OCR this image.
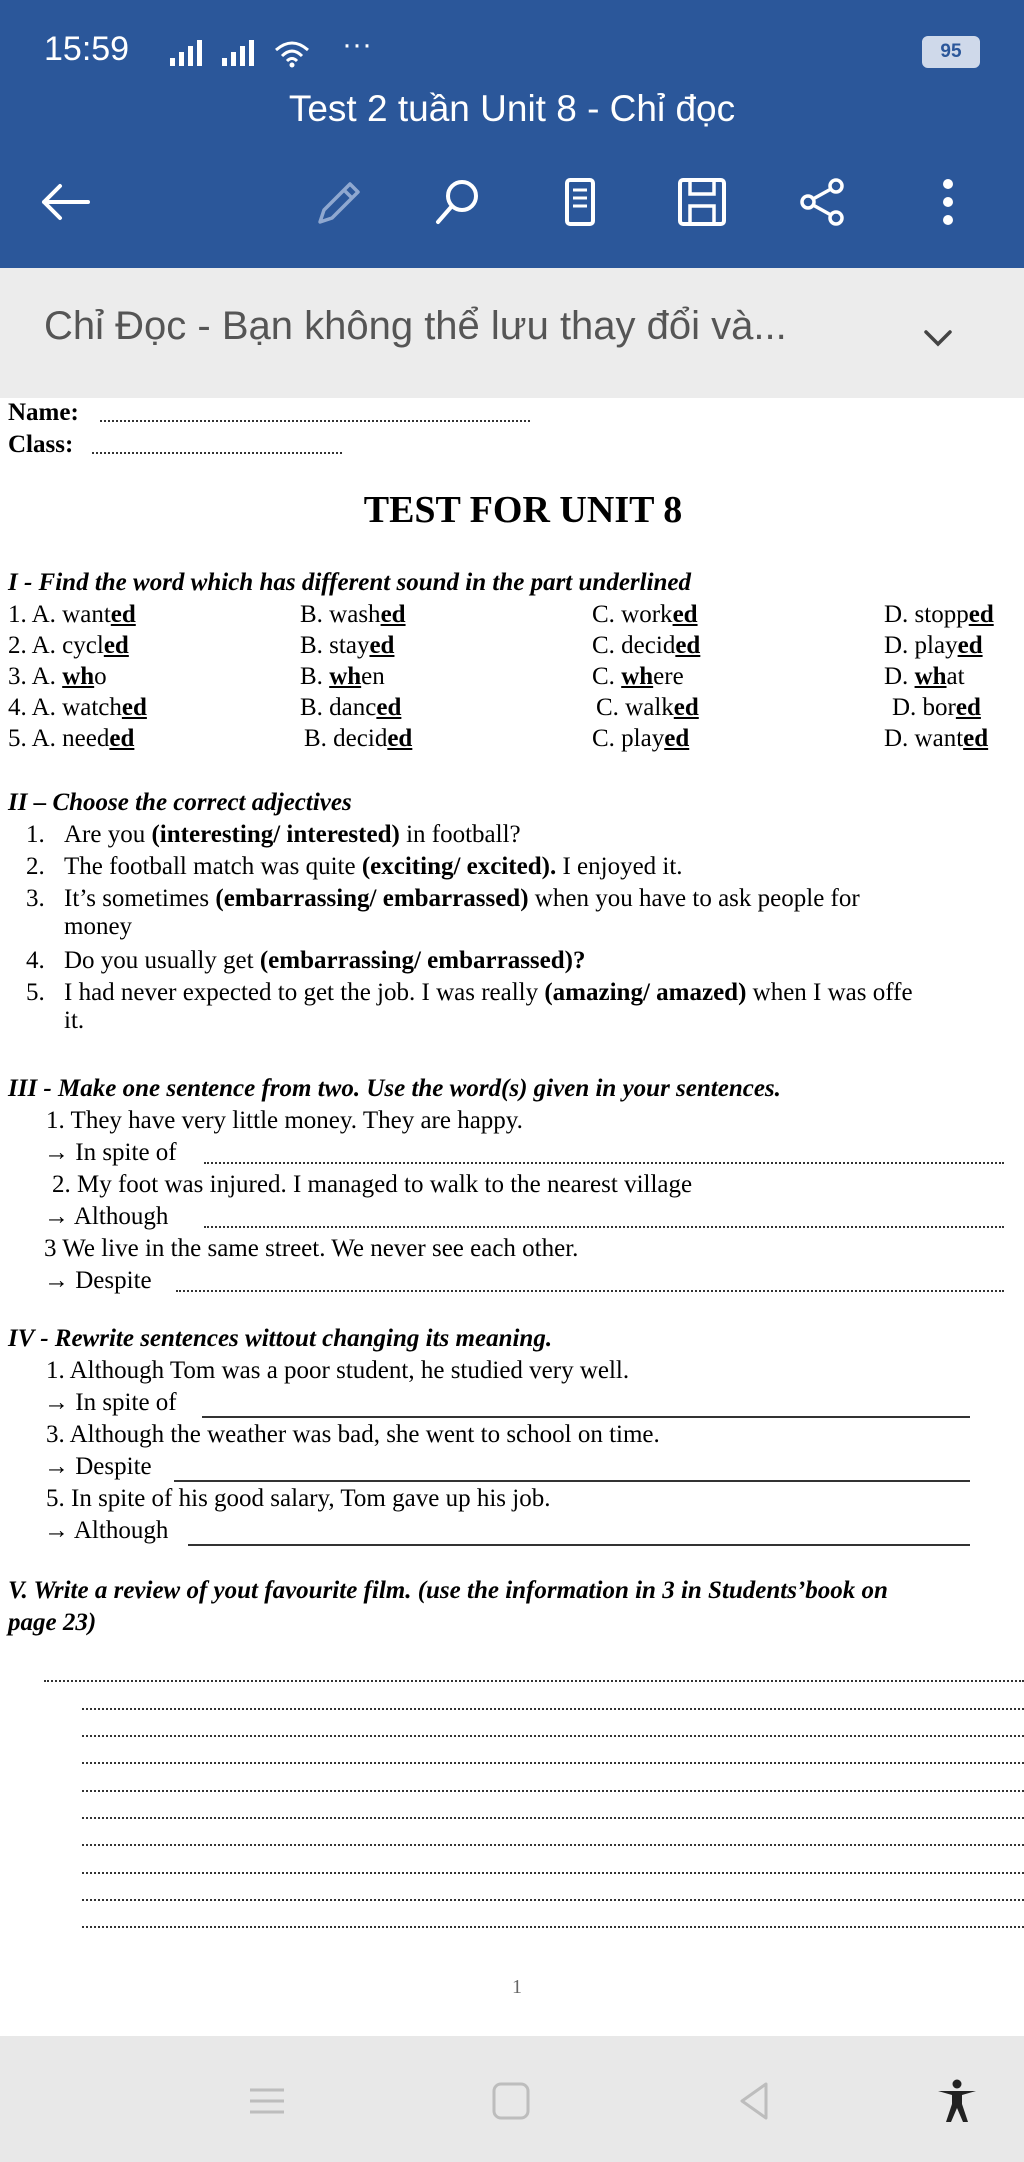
15:59	···	95
Test 2 tuần Unit 8 - Chỉ đọc
Chỉ Đọc - Bạn không thể lưu thay đổi và...
Name:
Class:
TEST FOR UNIT 8
I - Find the word which has different sound in the part underlined
II – Choose the correct adjectives
III - Make one sentence from two. Use the word(s) given in your sentences.
1. They have very little money. They are happy.
→ In spite of
2. My foot was injured. I managed to walk to the nearest village
→ Although
3 We live in the same street. We never see each other.
→ Despite
IV - Rewrite sentences wittout changing its meaning.
1. Although Tom was a poor student, he studied very well.
→ In spite of
3. Although the weather was bad, she went to school on time.
→ Despite
5. In spite of his good salary, Tom gave up his job.
→ Although
V. Write a review of yout favourite film. (use the information in 3 in Students’book on
page 23)
1
1. A. wanted	B. washed	C. worked	D. stopped
2. A. cycled	B. stayed	C. decided	D. played
3. A. who	B. when	C. where	D. what
4. A. watched	B. danced	C. walked	D. bored
5. A. needed	B. decided	C. played	D. wanted
1. Are you (interesting/ interested) in football?
2. The football match was quite (exciting/ excited). I enjoyed it.
3. It’s sometimes (embarrassing/ embarrassed) when you have to ask people for
money
4. Do you usually get (embarrassing/ embarrassed)?
5. I had never expected to get the job. I was really (amazing/ amazed) when I was offe
it.
